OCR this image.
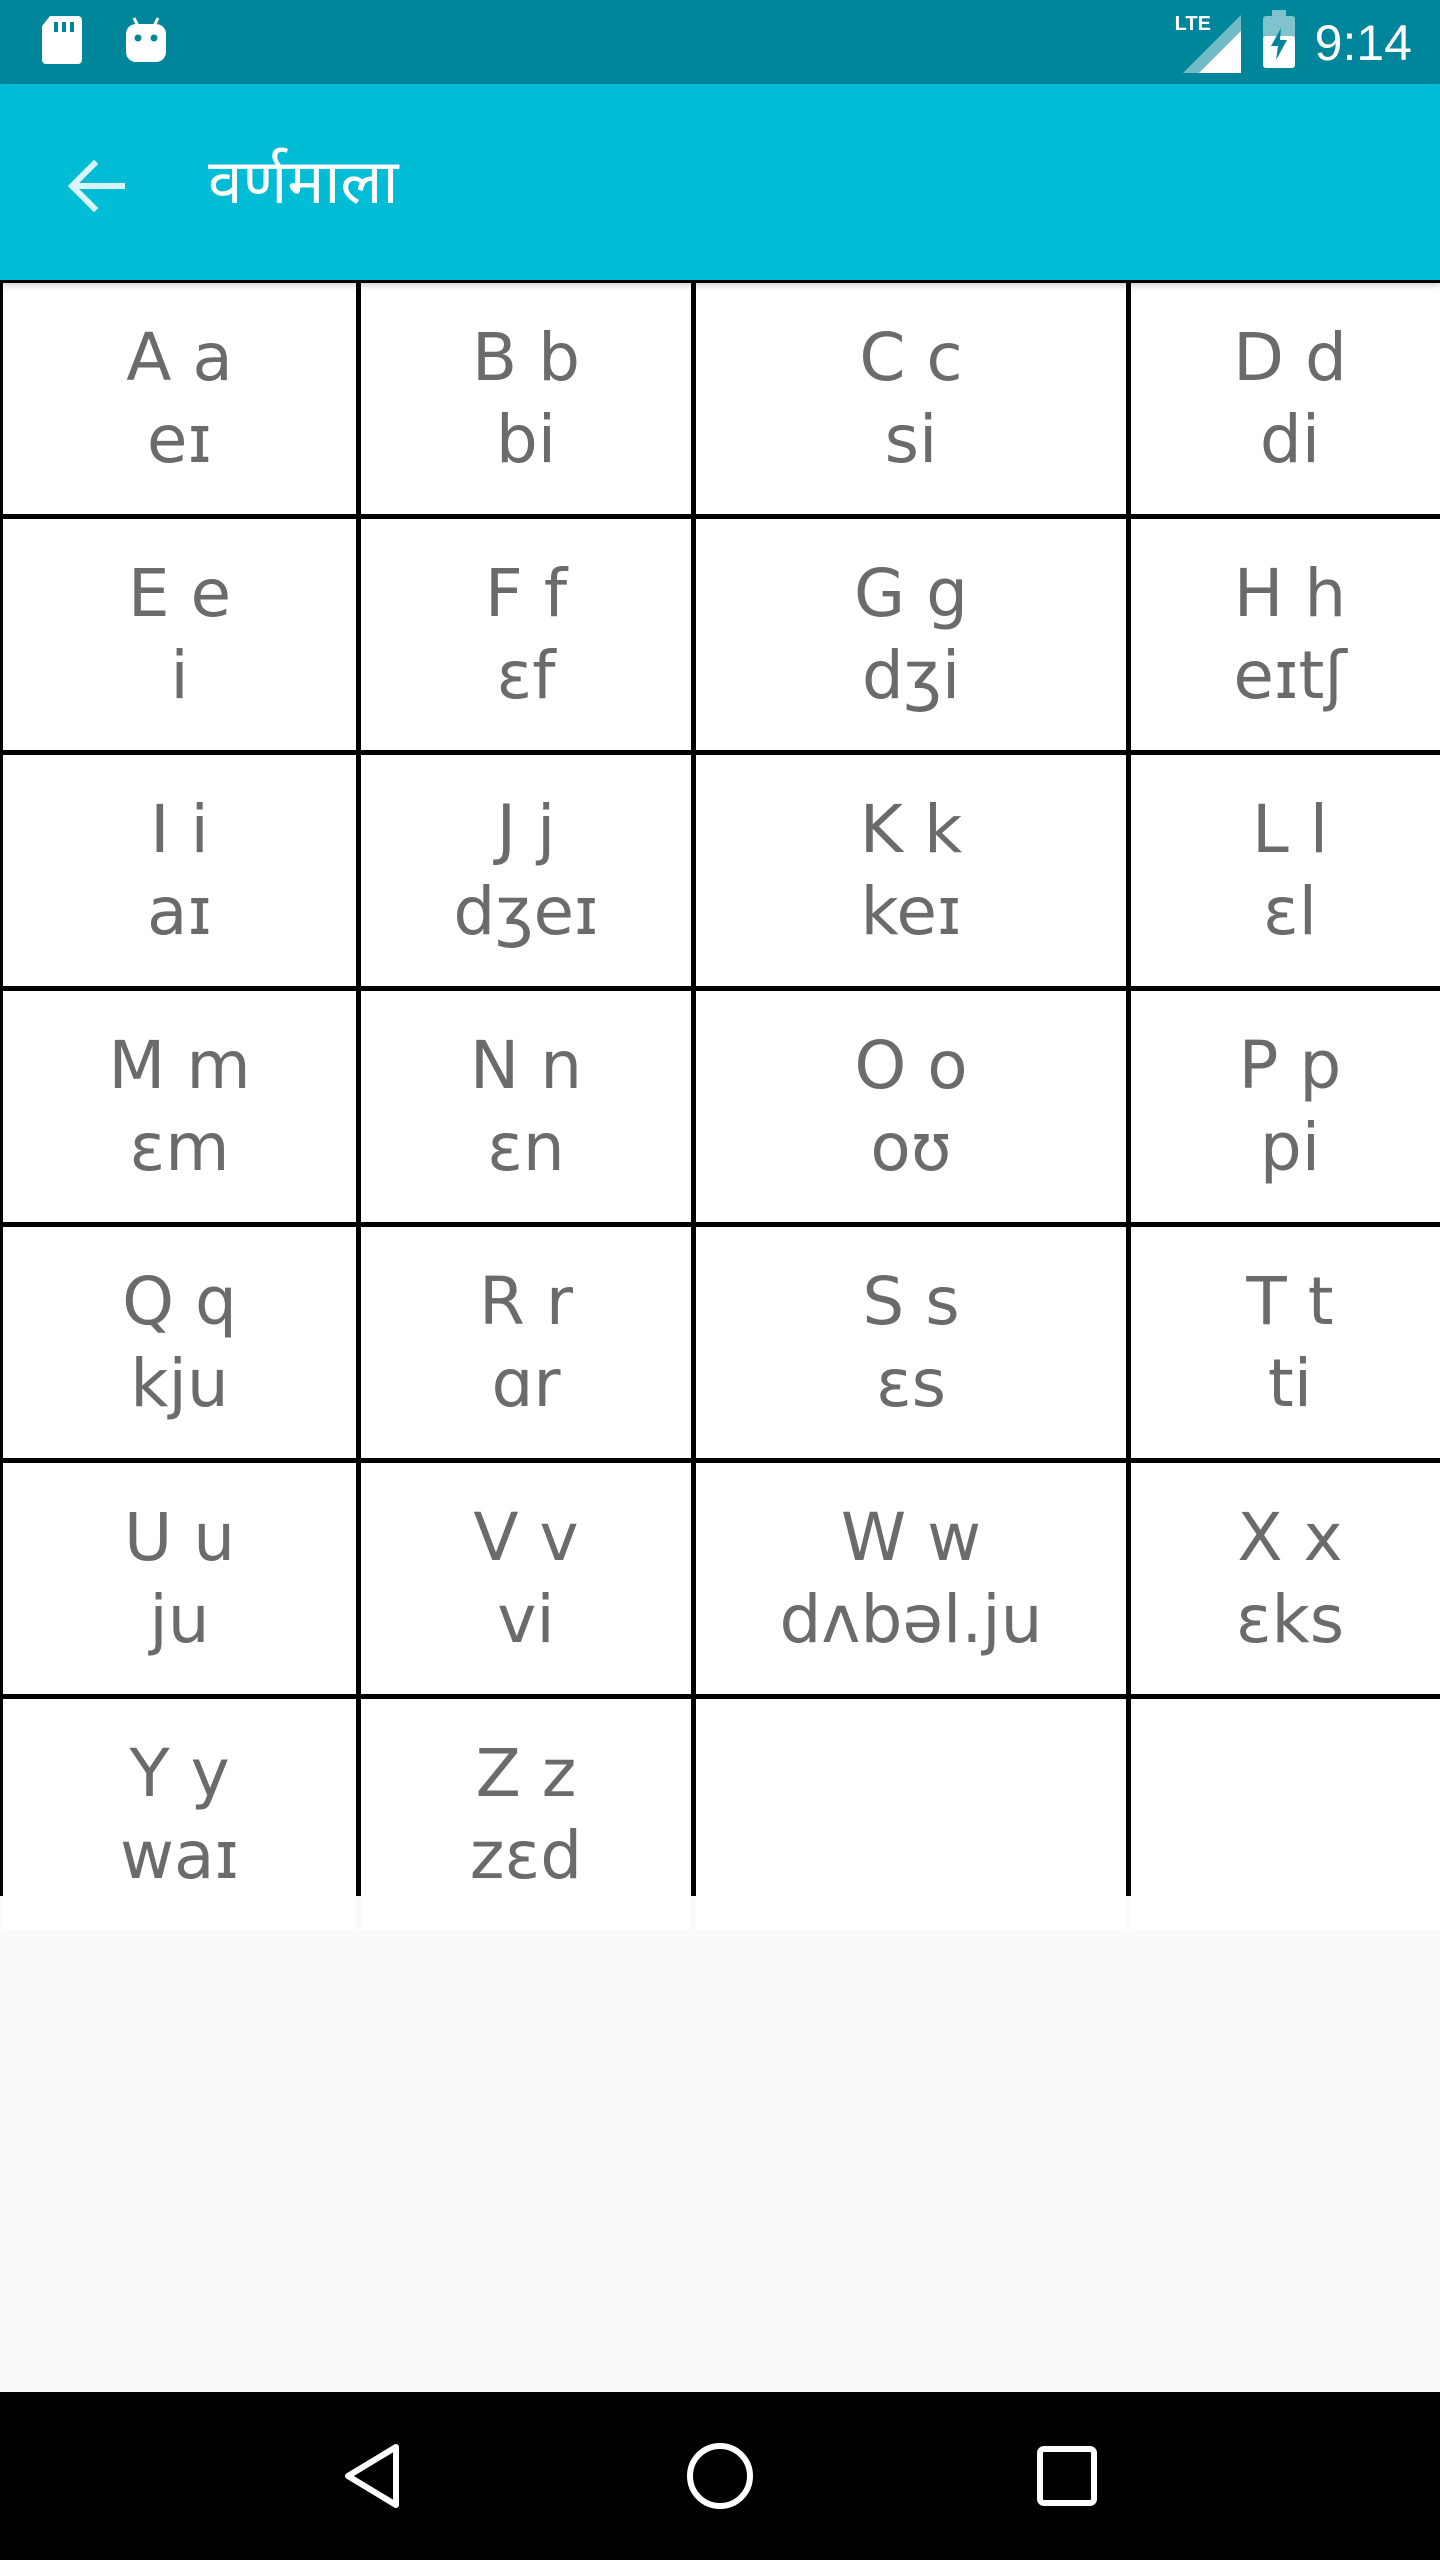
LTE 9:14
वर्णमाला
A a
eɪ
B b
bi
C c
si
D d
di
E e
i
F f
ɛf
G g
dʒi
H h
eɪtʃ
I i
aɪ
J j
dʒeɪ
K k
keɪ
L l
ɛl
M m
ɛm
N n
ɛn
O o
oʊ
P p
pi
Q q
kju
R r
ɑr
S s
ɛs
T t
ti
U u
ju
V v
vi
W w
dʌbəl.ju
X x
ɛks
Y y
waɪ
Z z
zɛd
